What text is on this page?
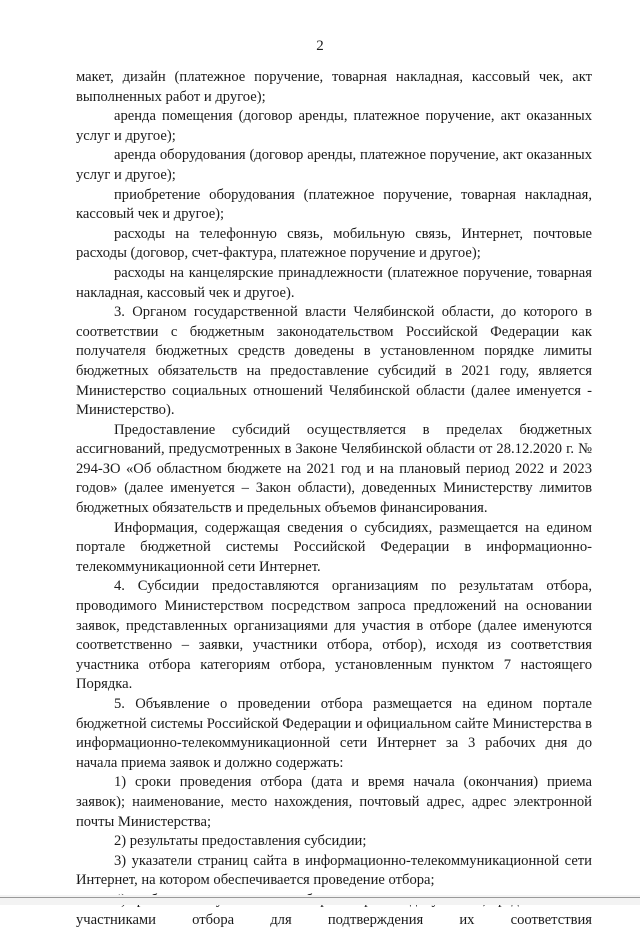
2

макет, дизайн (платежное поручение, товарная накладная, кассовый чек, акт выполненных работ и другое);

аренда помещения (договор аренды, платежное поручение, акт оказанных услуг и другое);

аренда оборудования (договор аренды, платежное поручение, акт оказанных услуг и другое);

приобретение оборудования (платежное поручение, товарная накладная, кассовый чек и другое);

расходы на телефонную связь, мобильную связь, Интернет, почтовые расходы (договор, счет-фактура, платежное поручение и другое);

расходы на канцелярские принадлежности (платежное поручение, товарная накладная, кассовый чек и другое).

3. Органом государственной власти Челябинской области, до которого в соответствии с бюджетным законодательством Российской Федерации как получателя бюджетных средств доведены в установленном порядке лимиты бюджетных обязательств на предоставление субсидий в 2021 году, является Министерство социальных отношений Челябинской области (далее именуется - Министерство).

Предоставление субсидий осуществляется в пределах бюджетных ассигнований, предусмотренных в Законе Челябинской области от 28.12.2020 г. № 294-ЗО «Об областном бюджете на 2021 год и на плановый период 2022 и 2023 годов» (далее именуется – Закон области), доведенных Министерству лимитов бюджетных обязательств и предельных объемов финансирования.

Информация, содержащая сведения о субсидиях, размещается на едином портале бюджетной системы Российской Федерации в информационно-телекоммуникационной сети Интернет.

4. Субсидии предоставляются организациям по результатам отбора, проводимого Министерством посредством запроса предложений на основании заявок, представленных организациями для участия в отборе (далее именуются соответственно – заявки, участники отбора, отбор), исходя из соответствия участника отбора категориям отбора, установленным пунктом 7 настоящего Порядка.

5. Объявление о проведении отбора размещается на едином портале бюджетной системы Российской Федерации и официальном сайте Министерства в информационно-телекоммуникационной сети Интернет за 3 рабочих дня до начала приема заявок и должно содержать:

1) сроки проведения отбора (дата и время начала (окончания) приема заявок); наименование, место нахождения, почтовый адрес, адрес электронной почты Министерства;

2) результаты предоставления субсидии;

3) указатели страниц сайта в информационно-телекоммуникационной сети Интернет, на котором обеспечивается проведение отбора;

участниками отбора для подтверждения их соответствия
